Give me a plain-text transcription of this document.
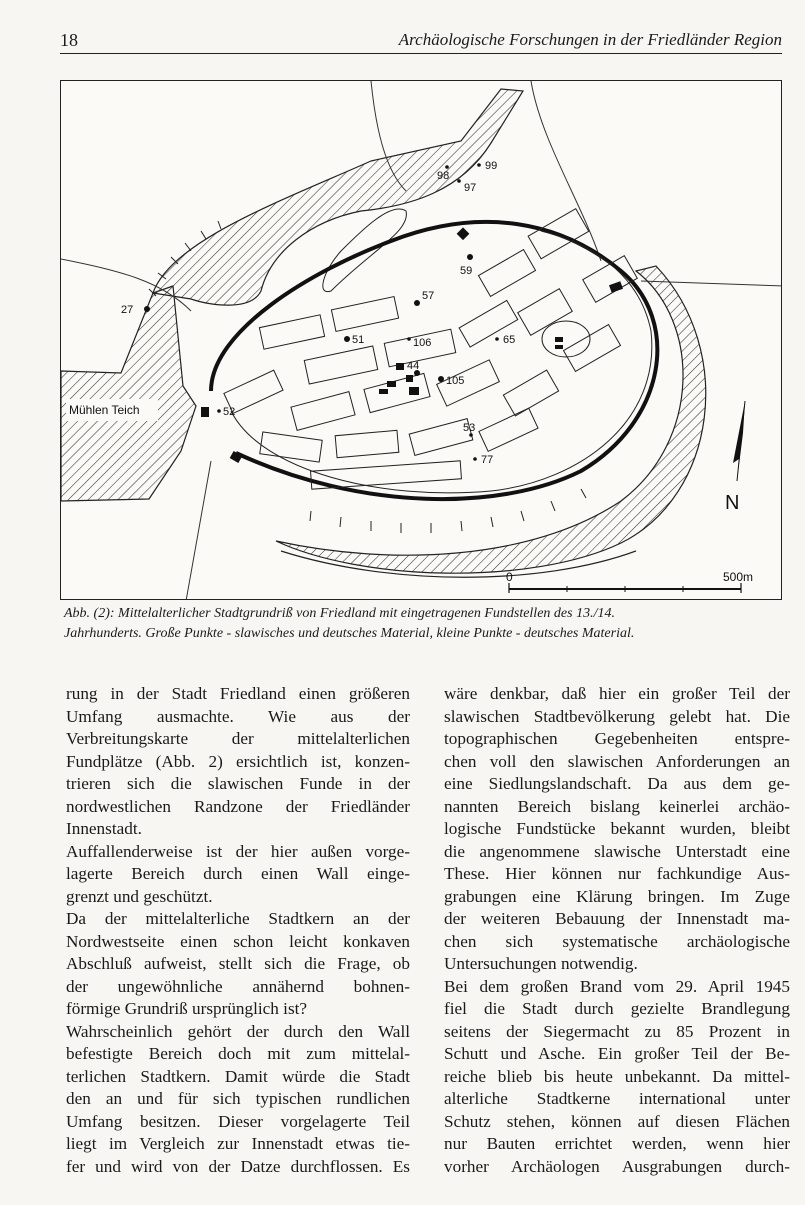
18	Archäologische Forschungen in der Friedländer Region
99
98
97
59
57
27
51	106	65
44
105
52
53
77
Mühlen Teich
N
0	500m
Abb. (2): Mittelalterlicher Stadtgrundriß von Friedland mit eingetragenen Fundstellen des 13./14.
Jahrhunderts. Große Punkte - slawisches und deutsches Material, kleine Punkte - deutsches Material.
rung in der Stadt Friedland einen größeren
Umfang ausmachte. Wie aus der
Verbreitungskarte der mittelalterlichen
Fundplätze (Abb. 2) ersichtlich ist, konzen-
trieren sich die slawischen Funde in der
nordwestlichen Randzone der Friedländer
Innenstadt.
Auffallenderweise ist der hier außen vorge-
lagerte Bereich durch einen Wall einge-
grenzt und geschützt.
Da der mittelalterliche Stadtkern an der
Nordwestseite einen schon leicht konkaven
Abschluß aufweist, stellt sich die Frage, ob
der ungewöhnliche annähernd bohnen-
förmige Grundriß ursprünglich ist?
Wahrscheinlich gehört der durch den Wall
befestigte Bereich doch mit zum mittelal-
terlichen Stadtkern. Damit würde die Stadt
den an und für sich typischen rundlichen
Umfang besitzen. Dieser vorgelagerte Teil
liegt im Vergleich zur Innenstadt etwas tie-
fer und wird von der Datze durchflossen. Es
wäre denkbar, daß hier ein großer Teil der
slawischen Stadtbevölkerung gelebt hat. Die
topographischen Gegebenheiten entspre-
chen voll den slawischen Anforderungen an
eine Siedlungslandschaft. Da aus dem ge-
nannten Bereich bislang keinerlei archäo-
logische Fundstücke bekannt wurden, bleibt
die angenommene slawische Unterstadt eine
These. Hier können nur fachkundige Aus-
grabungen eine Klärung bringen. Im Zuge
der weiteren Bebauung der Innenstadt ma-
chen sich systematische archäologische
Untersuchungen notwendig.
Bei dem großen Brand vom 29. April 1945
fiel die Stadt durch gezielte Brandlegung
seitens der Siegermacht zu 85 Prozent in
Schutt und Asche. Ein großer Teil der Be-
reiche blieb bis heute unbekannt. Da mittel-
alterliche Stadtkerne international unter
Schutz stehen, können auf diesen Flächen
nur Bauten errichtet werden, wenn hier
vorher Archäologen Ausgrabungen durch-
